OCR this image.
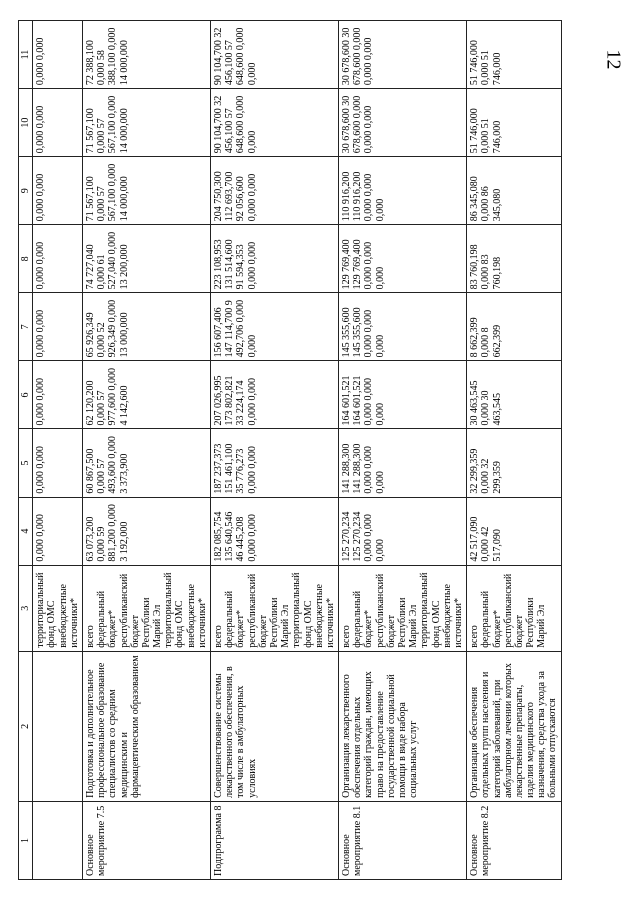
12
1	2	3	4	5	6	7	8	9	10	11
		территориальный фонд ОМС внебюджетные источники*	0,000 0,000	0,000 0,000	0,000 0,000	0,000 0,000	0,000 0,000	0,000 0,000	0,000 0,000	0,000 0,000
Основное мероприятие 7.5	Подготовка и дополнительное профессиональное образование специалистов со средним медицинским и фармацевтическим образованием	всего федеральный бюджет* республиканский бюджет Республики Марий Эл территориальный фонд ОМС внебюджетные источники*	63 073,200 0,000 59 881,200 0,000 3 192,000	60 867,500 0,000 57 493,600 0,000 3 373,900	62 120,200 0,000 57 977,600 0,000 4 142,600	65 926,349 0,000 52 926,349 0,000 13 000,000	74 727,040 0,000 61 527,040 0,000 13 200,000	71 567,100 0,000 57 567,100 0,000 14 000,000	71 567,100 0,000 57 567,100 0,000 14 000,000	72 388,100 0,000 58 388,100 0,000 14 000,000
Подпрограмма 8	Совершенствование системы лекарственного обеспечения, в том числе в амбулаторных условиях	всего федеральный бюджет* республиканский бюджет Республики Марий Эл территориальный фонд ОМС внебюджетные источники*	182 085,754 135 640,546 46 445,208 0,000 0,000	187 237,373 151 461,100 35 776,273 0,000 0,000	207 026,995 173 802,821 33 224,174 0,000 0,000	156 607,406 147 114,700 9 492,706 0,000 0,000	223 108,953 131 514,600 91 594,353 0,000 0,000	204 750,300 112 693,700 92 056,600 0,000 0,000	90 104,700 32 456,100 57 648,600 0,000 0,000	90 104,700 32 456,100 57 648,600 0,000 0,000
Основное мероприятие 8.1	Организация лекарственного обеспечения отдельных категорий граждан, имеющих право на предоставление государственной социальной помощи в виде набора социальных услуг	всего федеральный бюджет* республиканский бюджет Республики Марий Эл территориальный фонд ОМС внебюджетные источники*	125 270,234 125 270,234 0,000 0,000 0,000	141 288,300 141 288,300 0,000 0,000 0,000	164 601,521 164 601,521 0,000 0,000 0,000	145 355,600 145 355,600 0,000 0,000 0,000	129 769,400 129 769,400 0,000 0,000 0,000	110 916,200 110 916,200 0,000 0,000 0,000	30 678,600 30 678,600 0,000 0,000 0,000	30 678,600 30 678,600 0,000 0,000 0,000
Основное мероприятие 8.2	Организация обеспечения отдельных групп населения и категорий заболеваний, при амбулаторном лечении которых лекарственные препараты, изделия медицинского назначения, средства ухода за больными отпускаются	всего федеральный бюджет* республиканский бюджет Республики Марий Эл	42 517,090 0,000 42 517,090	32 299,359 0,000 32 299,359	30 463,545 0,000 30 463,545	8 662,399 0,000 8 662,399	83 760,198 0,000 83 760,198	86 345,080 0,000 86 345,080	51 746,000 0,000 51 746,000	51 746,000 0,000 51 746,000
